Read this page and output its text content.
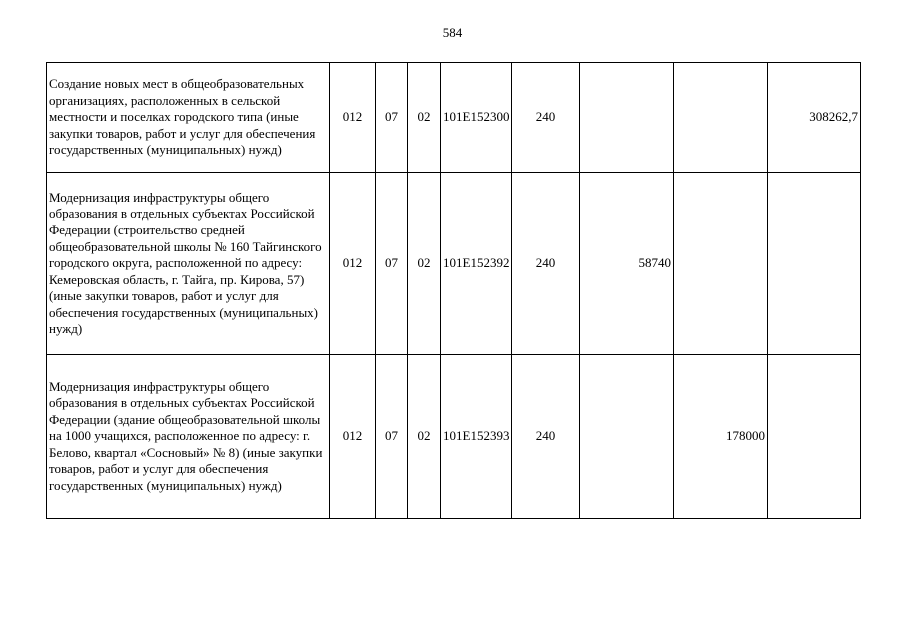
584
Создание новых мест в общеобразовательных организациях, расположенных в сельской местности и поселках городского типа (иные закупки товаров, работ и услуг для обеспечения государственных (муниципальных) нужд)	012	07	02	101E152300	240			308262,7
Модернизация инфраструктуры общего образования в отдельных субъектах Российской Федерации (строительство средней общеобразовательной школы № 160 Тайгинского городского округа, расположенной по адресу: Кемеровская область, г. Тайга, пр. Кирова, 57) (иные закупки товаров, работ и услуг для обеспечения государственных (муниципальных) нужд)	012	07	02	101E152392	240	58740		
Модернизация инфраструктуры общего образования в отдельных субъектах Российской Федерации (здание общеобразовательной школы на 1000 учащихся, расположенное по адресу: г. Белово, квартал «Сосновый» № 8) (иные закупки товаров, работ и услуг для обеспечения государственных (муниципальных) нужд)	012	07	02	101E152393	240		178000	
